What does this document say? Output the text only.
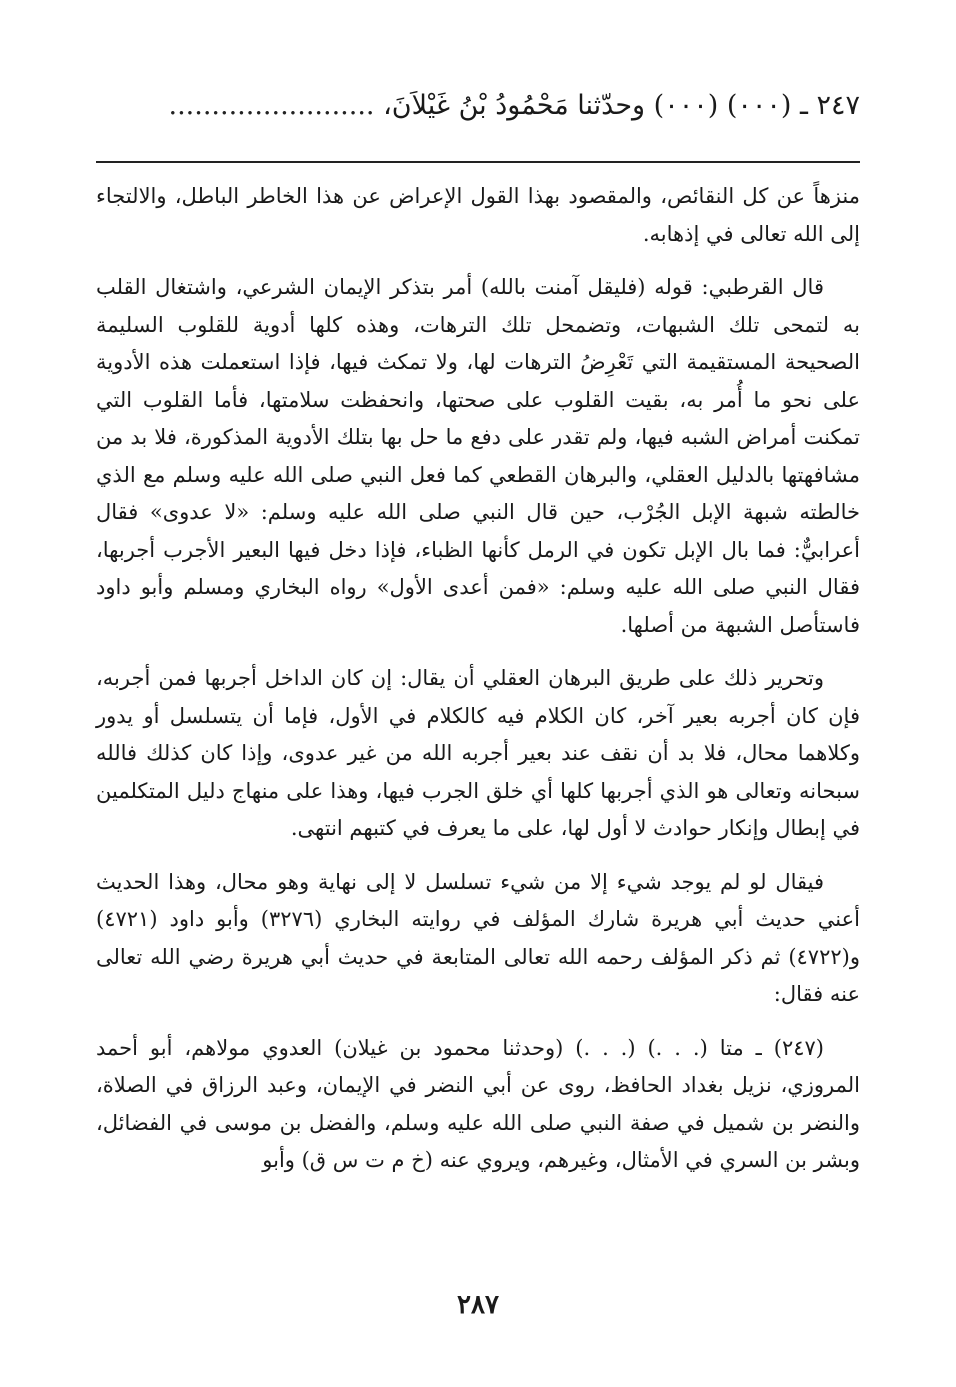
٢٤٧ ـ (٠٠٠) (٠٠٠) وحدّثنا مَحْمُودُ بْنُ غَيْلاَنَ، ........................

منزهاً عن كل النقائص، والمقصود بهذا القول الإعراض عن هذا الخاطر الباطل، والالتجاء إلى الله تعالى في إذهابه.

قال القرطبي: قوله (فليقل آمنت بالله) أمر بتذكر الإيمان الشرعي، واشتغال القلب به لتمحى تلك الشبهات، وتضمحل تلك الترهات، وهذه كلها أدوية للقلوب السليمة الصحيحة المستقيمة التي تَعْرِضُ الترهات لها، ولا تمكث فيها، فإذا استعملت هذه الأدوية على نحو ما أُمر به، بقيت القلوب على صحتها، وانحفظت سلامتها، فأما القلوب التي تمكنت أمراض الشبه فيها، ولم تقدر على دفع ما حل بها بتلك الأدوية المذكورة، فلا بد من مشافهتها بالدليل العقلي، والبرهان القطعي كما فعل النبي صلى الله عليه وسلم مع الذي خالطته شبهة الإبل الجُرْب، حين قال النبي صلى الله عليه وسلم: «لا عدوى» فقال أعرابيٌّ: فما بال الإبل تكون في الرمل كأنها الظباء، فإذا دخل فيها البعير الأجرب أجربها، فقال النبي صلى الله عليه وسلم: «فمن أعدى الأول» رواه البخاري ومسلم وأبو داود فاستأصل الشبهة من أصلها.

وتحرير ذلك على طريق البرهان العقلي أن يقال: إن كان الداخل أجربها فمن أجربه، فإن كان أجربه بعير آخر، كان الكلام فيه كالكلام في الأول، فإما أن يتسلسل أو يدور وكلاهما محال، فلا بد أن نقف عند بعير أجربه الله من غير عدوى، وإذا كان كذلك فالله سبحانه وتعالى هو الذي أجربها كلها أي خلق الجرب فيها، وهذا على منهاج دليل المتكلمين في إبطال وإنكار حوادث لا أول لها، على ما يعرف في كتبهم انتهى.

فيقال لو لم يوجد شيء إلا من شيء تسلسل لا إلى نهاية وهو محال، وهذا الحديث أعني حديث أبي هريرة شارك المؤلف في روايته البخاري (٣٢٧٦) وأبو داود (٤٧٢١) و(٤٧٢٢) ثم ذكر المؤلف رحمه الله تعالى المتابعة في حديث أبي هريرة رضي الله تعالى عنه فقال:

(٢٤٧) ـ متا (. . .) (. . .) (وحدثنا محمود بن غيلان) العدوي مولاهم، أبو أحمد المروزي، نزيل بغداد الحافظ، روى عن أبي النضر في الإيمان، وعبد الرزاق في الصلاة، والنضر بن شميل في صفة النبي صلى الله عليه وسلم، والفضل بن موسى في الفضائل، وبشر بن السري في الأمثال، وغيرهم، ويروي عنه (خ م ت س ق) وأبو

٢٨٧
